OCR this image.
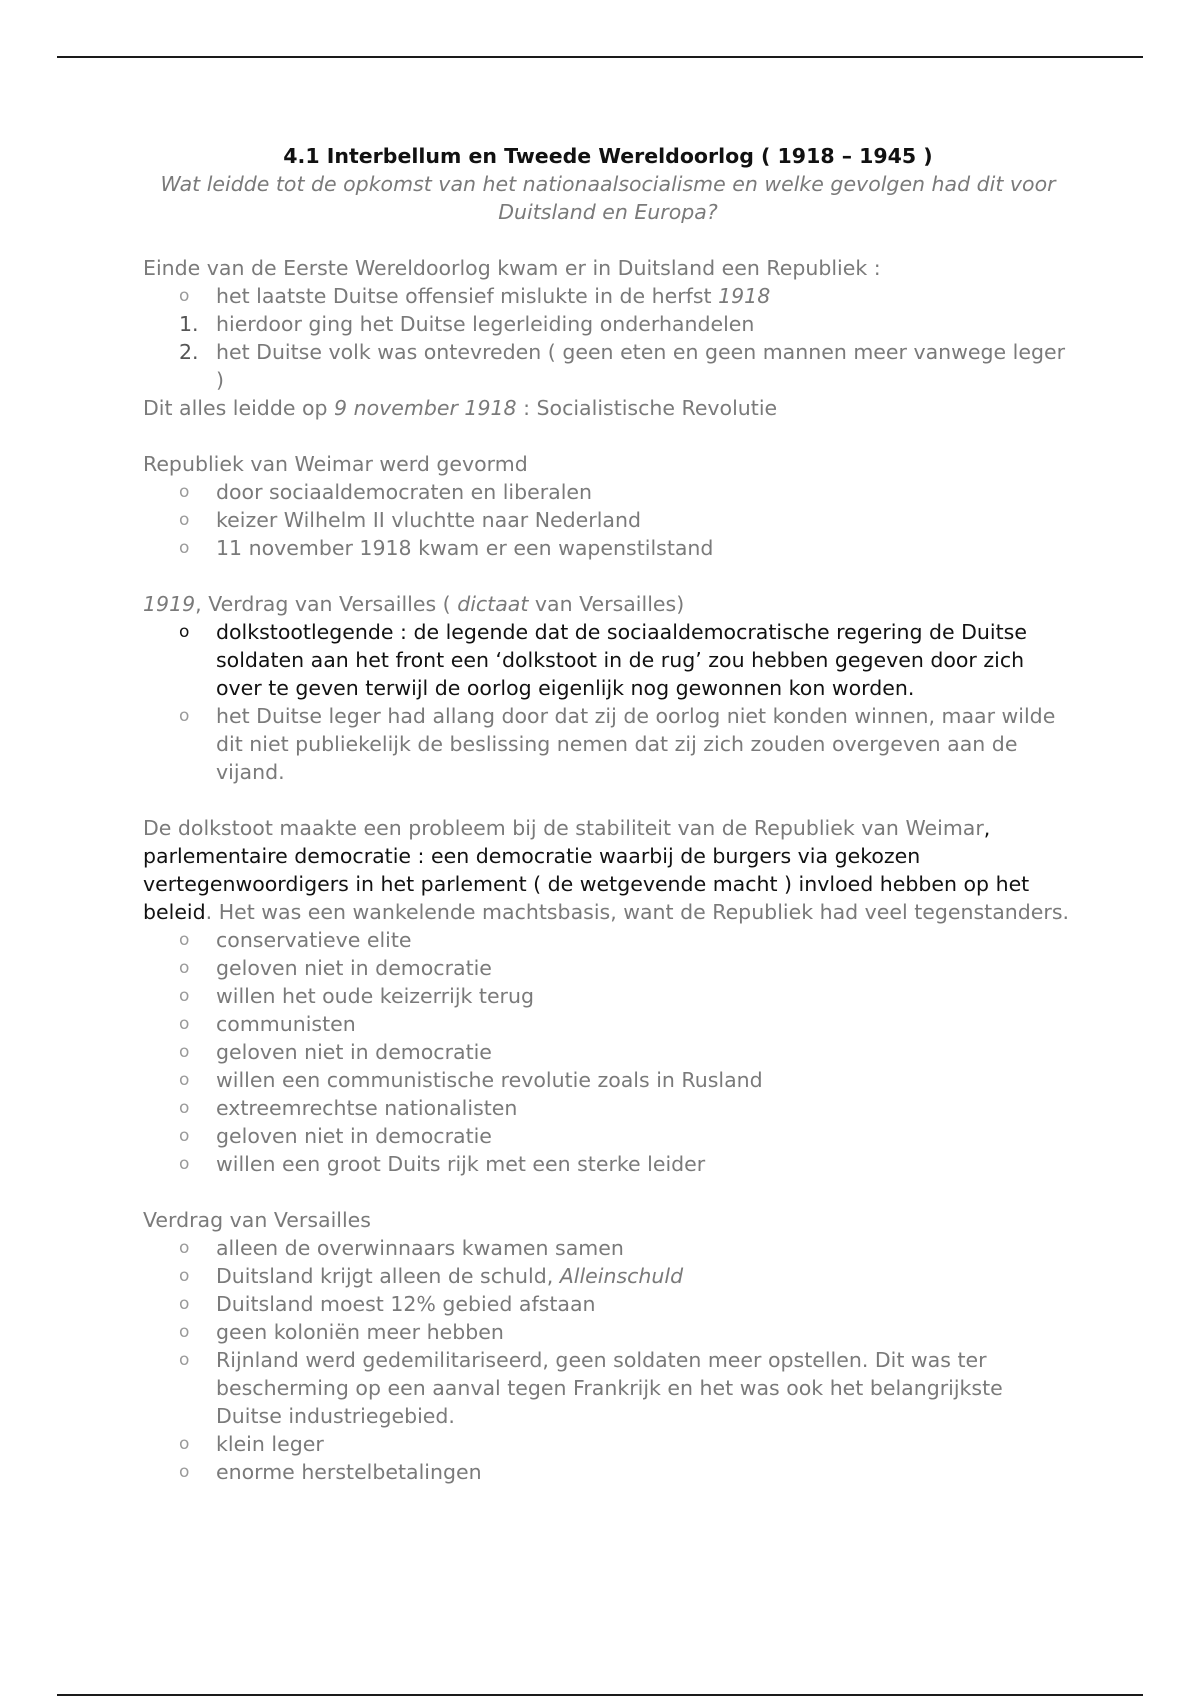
4.1 Interbellum en Tweede Wereldoorlog ( 1918 – 1945 )
Wat leidde tot de opkomst van het nationaalsocialisme en welke gevolgen had dit voor Duitsland en Europa?

Einde van de Eerste Wereldoorlog kwam er in Duitsland een Republiek :

o het laatste Duitse offensief mislukte in de herfst 1918
1. hierdoor ging het Duitse legerleiding onderhandelen
2. het Duitse volk was ontevreden ( geen eten en geen mannen meer vanwege leger )

Dit alles leidde op 9 november 1918 : Socialistische Revolutie

Republiek van Weimar werd gevormd

o door sociaaldemocraten en liberalen
o keizer Wilhelm II vluchtte naar Nederland
o 11 november 1918 kwam er een wapenstilstand

1919, Verdrag van Versailles ( dictaat van Versailles)

o dolkstootlegende : de legende dat de sociaaldemocratische regering de Duitse soldaten aan het front een ‘dolkstoot in de rug’ zou hebben gegeven door zich over te geven terwijl de oorlog eigenlijk nog gewonnen kon worden.
o het Duitse leger had allang door dat zij de oorlog niet konden winnen, maar wilde dit niet publiekelijk de beslissing nemen dat zij zich zouden overgeven aan de vijand.

De dolkstoot maakte een probleem bij de stabiliteit van de Republiek van Weimar, parlementaire democratie : een democratie waarbij de burgers via gekozen vertegenwoordigers in het parlement ( de wetgevende macht ) invloed hebben op het beleid. Het was een wankelende machtsbasis, want de Republiek had veel tegenstanders.

o conservatieve elite
o geloven niet in democratie
o willen het oude keizerrijk terug
o communisten
o geloven niet in democratie
o willen een communistische revolutie zoals in Rusland
o extreemrechtse nationalisten
o geloven niet in democratie
o willen een groot Duits rijk met een sterke leider

Verdrag van Versailles

o alleen de overwinnaars kwamen samen
o Duitsland krijgt alleen de schuld, Alleinschuld
o Duitsland moest 12% gebied afstaan
o geen koloniën meer hebben
o Rijnland werd gedemilitariseerd, geen soldaten meer opstellen. Dit was ter bescherming op een aanval tegen Frankrijk en het was ook het belangrijkste Duitse industriegebied.
o klein leger
o enorme herstelbetalingen
